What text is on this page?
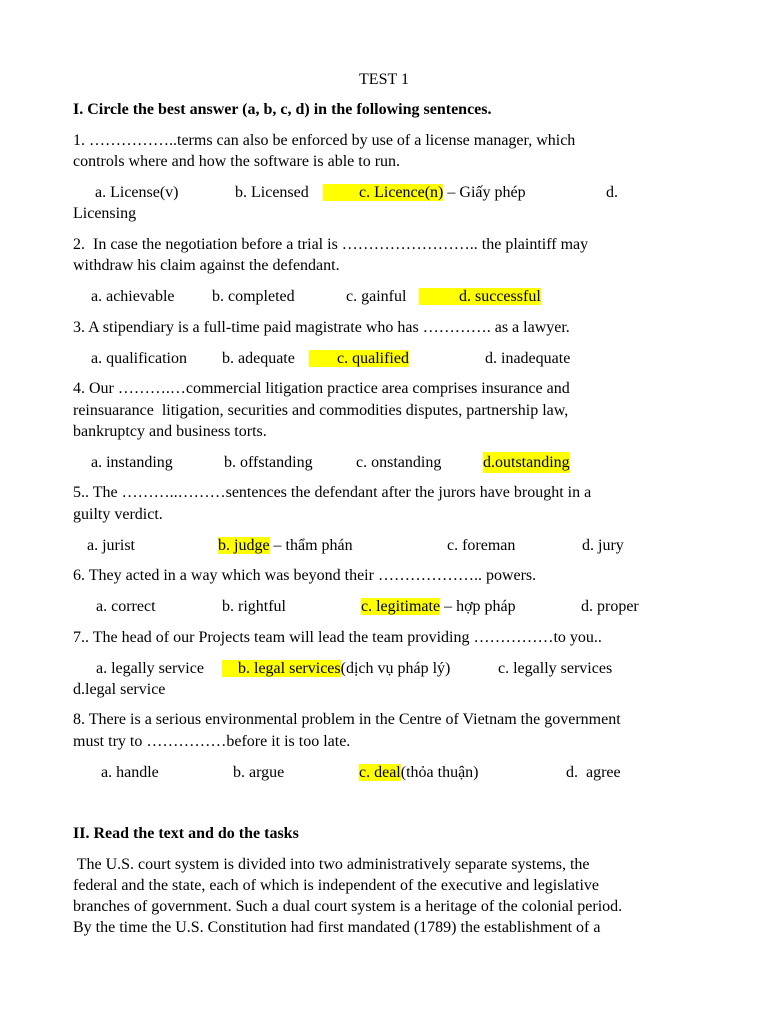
TEST 1
I. Circle the best answer (a, b, c, d) in the following sentences.
1. ……………..terms can also be enforced by use of a license manager, which
controls where and how the software is able to run.
a. License(v)	b. Licensed	c. Licence(n) – Giấy phép	d.
Licensing
2.  In case the negotiation before a trial is …………………….. the plaintiff may
withdraw his claim against the defendant.
a. achievable b. completed	c. gainful	d. successful
3. A stipendiary is a full-time paid magistrate who has …………. as a lawyer.
a. qualification b. adequate	c. qualified	d. inadequate
4. Our ……….…commercial litigation practice area comprises insurance and
reinsuarance  litigation, securities and commodities disputes, partnership law,
bankruptcy and business torts.
a. instanding	b. offstanding	c. onstanding	d.outstanding
5.. The ………..………sentences the defendant after the jurors have brought in a
guilty verdict.
a. jurist	b. judge – thẩm phán	c. foreman	d. jury
6. They acted in a way which was beyond their ……………….. powers.
a. correct	b. rightful	c. legitimate – hợp pháp	d. proper
7.. The head of our Projects team will lead the team providing ……………to you..
a. legally service	b. legal services(dịch vụ pháp lý)	c. legally services
d.legal service
8. There is a serious environmental problem in the Centre of Vietnam the government
must try to ……………before it is too late.
a. handle	b. argue	c. deal(thỏa thuận)	d.  agree
II. Read the text and do the tasks
The U.S. court system is divided into two administratively separate systems, the
federal and the state, each of which is independent of the executive and legislative
branches of government. Such a dual court system is a heritage of the colonial period.
By the time the U.S. Constitution had first mandated (1789) the establishment of a
